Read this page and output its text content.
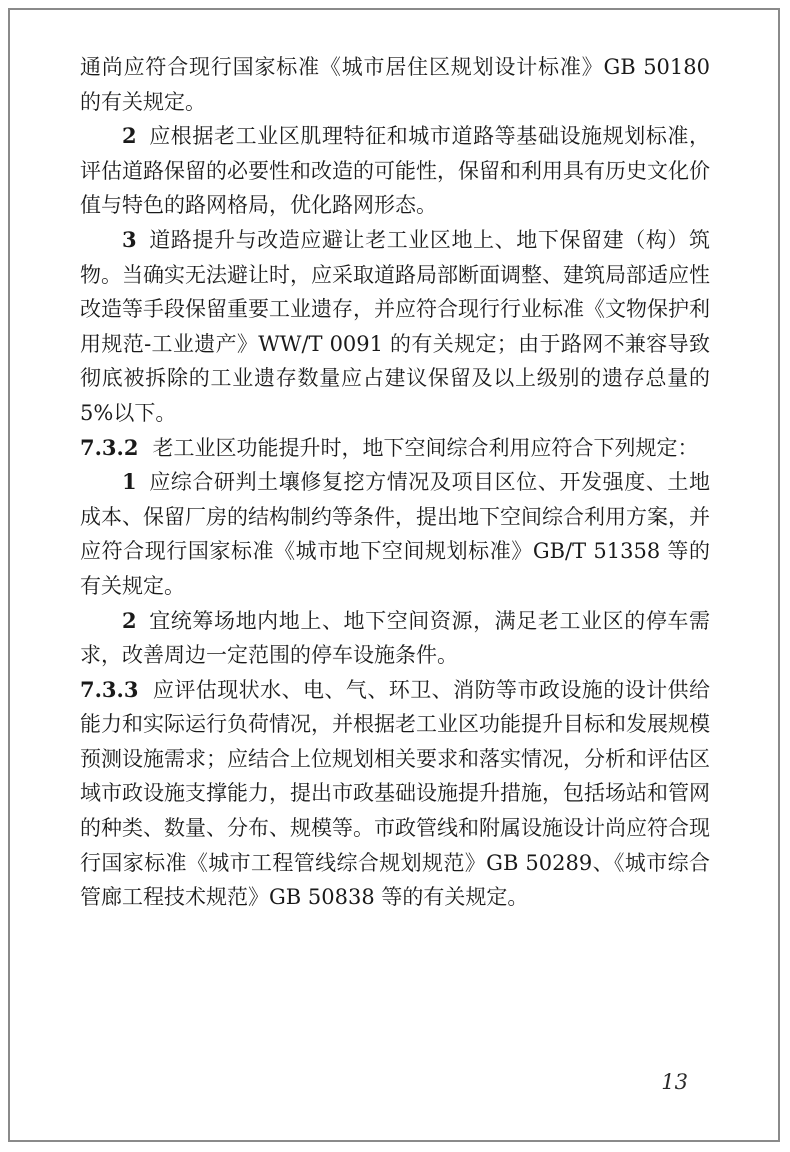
通尚应符合现行国家标准《城市居住区规划设计标准》GB 50180的有关规定。

2 应根据老工业区肌理特征和城市道路等基础设施规划标准，评估道路保留的必要性和改造的可能性，保留和利用具有历史文化价值与特色的路网格局，优化路网形态。

3 道路提升与改造应避让老工业区地上、地下保留建（构）筑物。当确实无法避让时，应采取道路局部断面调整、建筑局部适应性改造等手段保留重要工业遗存，并应符合现行行业标准《文物保护利用规范-工业遗产》WW/T 0091 的有关规定；由于路网不兼容导致彻底被拆除的工业遗存数量应占建议保留及以上级别的遗存总量的5%以下。

7.3.2 老工业区功能提升时，地下空间综合利用应符合下列规定：

1 应综合研判土壤修复挖方情况及项目区位、开发强度、土地成本、保留厂房的结构制约等条件，提出地下空间综合利用方案，并应符合现行国家标准《城市地下空间规划标准》GB/T 51358 等的有关规定。

2 宜统筹场地内地上、地下空间资源，满足老工业区的停车需求，改善周边一定范围的停车设施条件。

7.3.3 应评估现状水、电、气、环卫、消防等市政设施的设计供给能力和实际运行负荷情况，并根据老工业区功能提升目标和发展规模预测设施需求；应结合上位规划相关要求和落实情况，分析和评估区域市政设施支撑能力，提出市政基础设施提升措施，包括场站和管网的种类、数量、分布、规模等。市政管线和附属设施设计尚应符合现行国家标准《城市工程管线综合规划规范》GB 50289、《城市综合管廊工程技术规范》GB 50838 等的有关规定。

13
